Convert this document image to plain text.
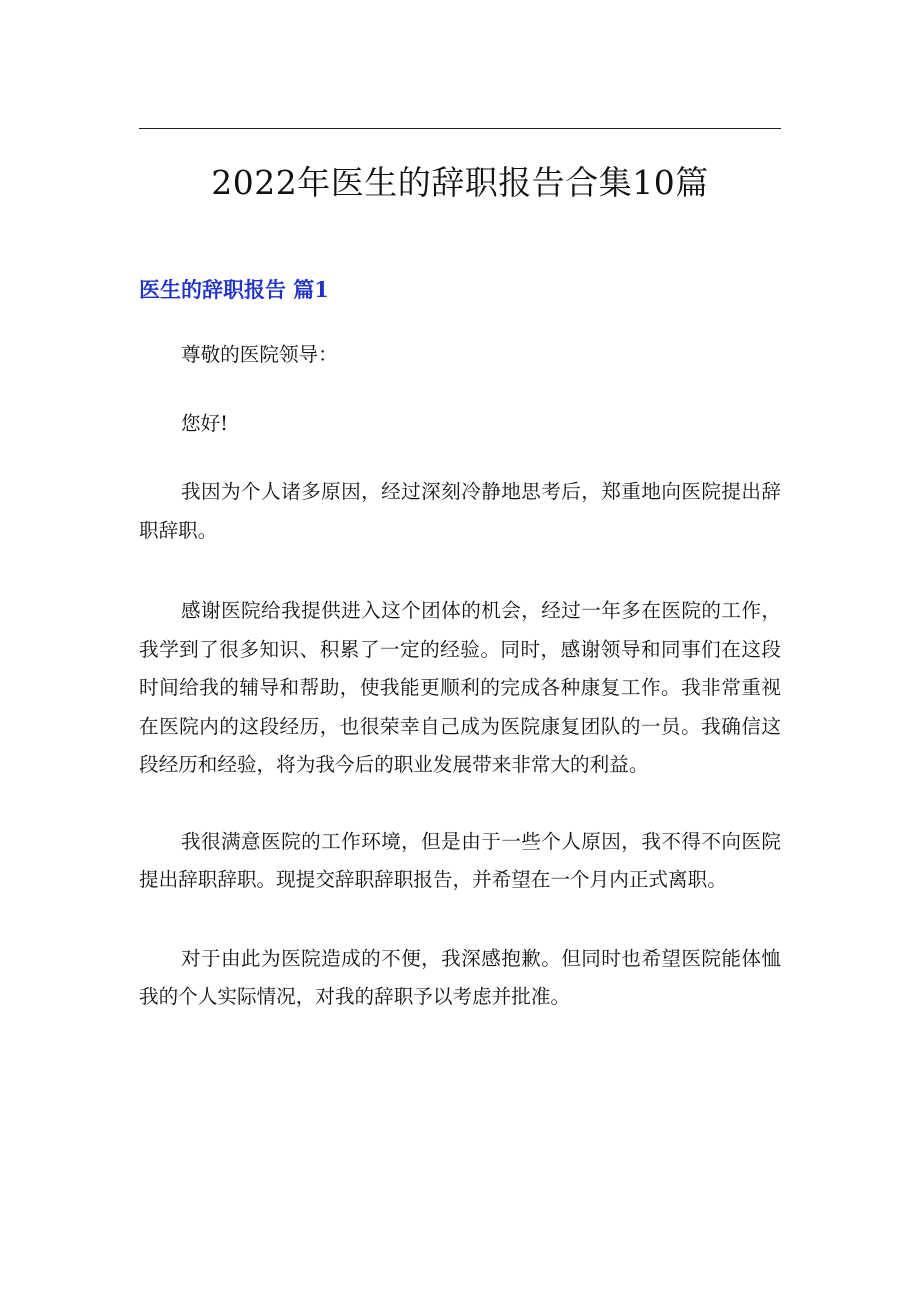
2022年医生的辞职报告合集10篇
医生的辞职报告 篇1

尊敬的医院领导：

您好!

我因为个人诸多原因，经过深刻冷静地思考后，郑重地向医院提出辞职辞职。

感谢医院给我提供进入这个团体的机会，经过一年多在医院的工作，我学到了很多知识、积累了一定的经验。同时，感谢领导和同事们在这段时间给我的辅导和帮助，使我能更顺利的完成各种康复工作。我非常重视在医院内的这段经历，也很荣幸自己成为医院康复团队的一员。我确信这段经历和经验，将为我今后的职业发展带来非常大的利益。

我很满意医院的工作环境，但是由于一些个人原因，我不得不向医院提出辞职辞职。现提交辞职辞职报告，并希望在一个月内正式离职。

对于由此为医院造成的不便，我深感抱歉。但同时也希望医院能体恤我的个人实际情况，对我的辞职予以考虑并批准。
